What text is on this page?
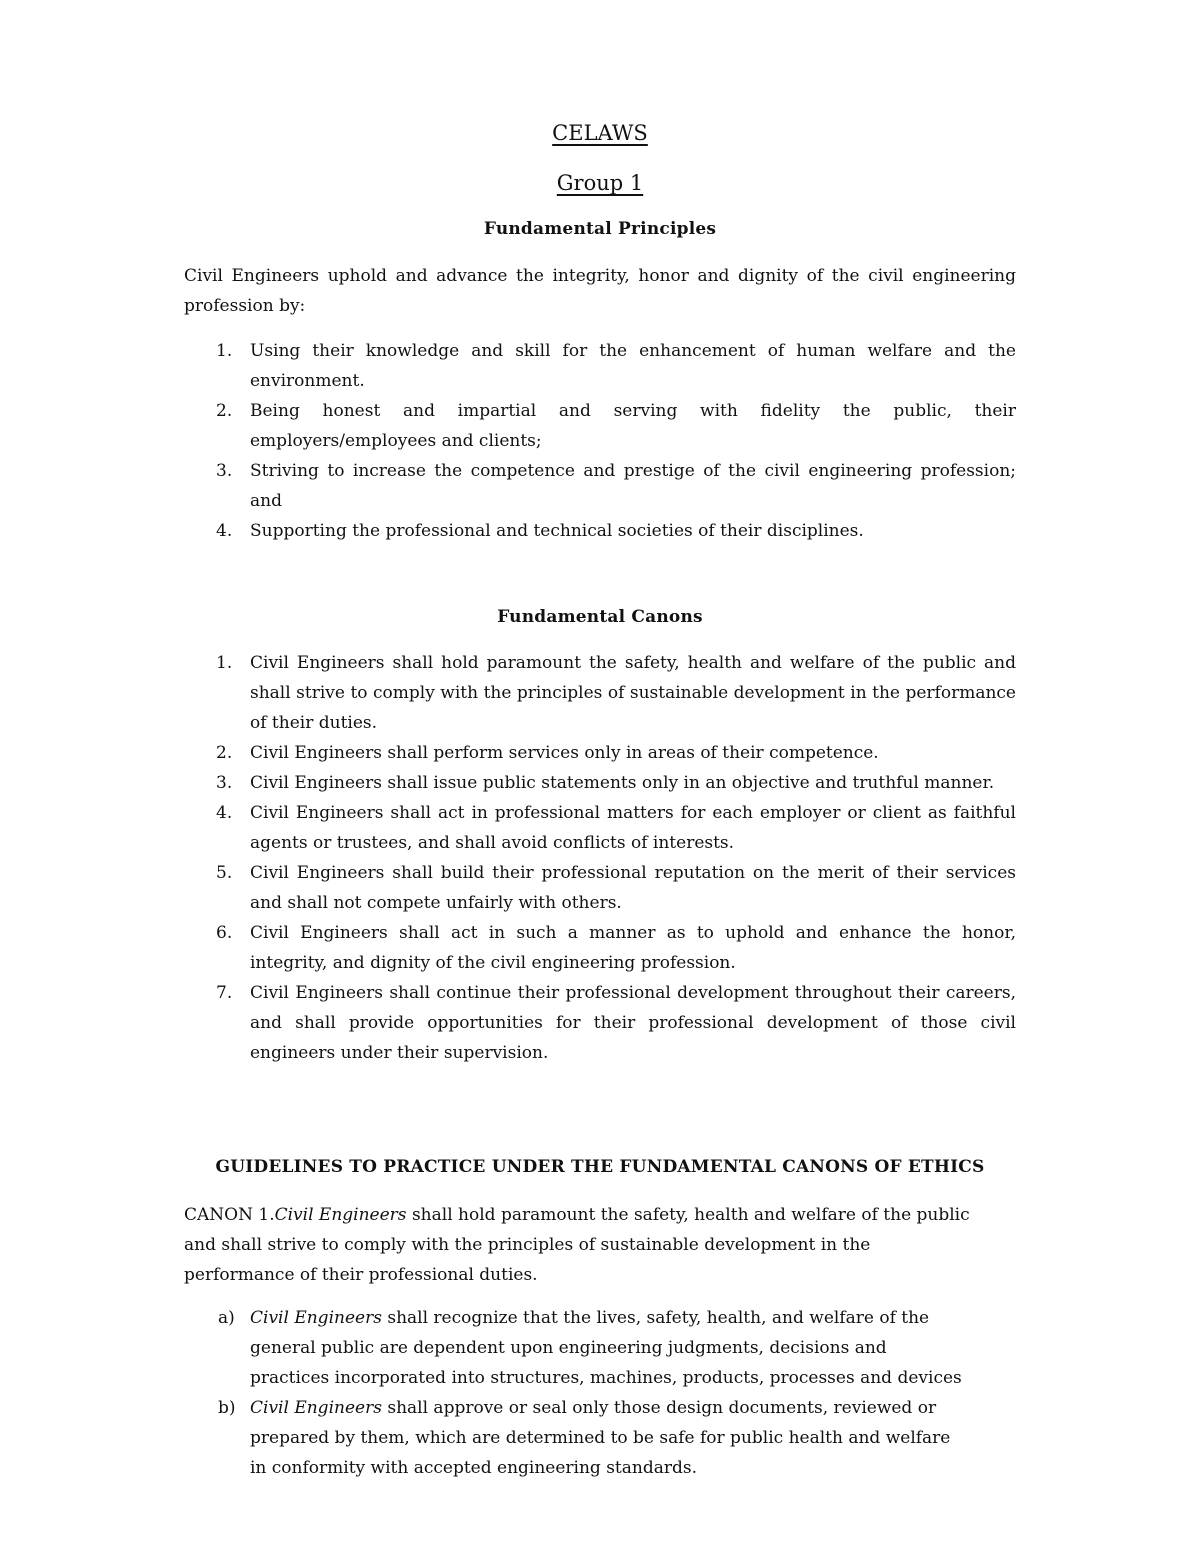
CELAWS
Group 1
Fundamental Principles

Civil Engineers uphold and advance the integrity, honor and dignity of the civil engineering profession by:

1. Using their knowledge and skill for the enhancement of human welfare and the environment.
2. Being honest and impartial and serving with fidelity the public, their employers/employees and clients;
3. Striving to increase the competence and prestige of the civil engineering profession; and
4. Supporting the professional and technical societies of their disciplines.
Fundamental Canons
1. Civil Engineers shall hold paramount the safety, health and welfare of the public and shall strive to comply with the principles of sustainable development in the performance of their duties.
2. Civil Engineers shall perform services only in areas of their competence.
3. Civil Engineers shall issue public statements only in an objective and truthful manner.
4. Civil Engineers shall act in professional matters for each employer or client as faithful agents or trustees, and shall avoid conflicts of interests.
5. Civil Engineers shall build their professional reputation on the merit of their services and shall not compete unfairly with others.
6. Civil Engineers shall act in such a manner as to uphold and enhance the honor, integrity, and dignity of the civil engineering profession.
7. Civil Engineers shall continue their professional development throughout their careers, and shall provide opportunities for their professional development of those civil engineers under their supervision.
GUIDELINES TO PRACTICE UNDER THE FUNDAMENTAL CANONS OF ETHICS

CANON 1.Civil Engineers shall hold paramount the safety, health and welfare of the public and shall strive to comply with the principles of sustainable development in the performance of their professional duties.

a) Civil Engineers shall recognize that the lives, safety, health, and welfare of the general public are dependent upon engineering judgments, decisions and practices incorporated into structures, machines, products, processes and devices
b) Civil Engineers shall approve or seal only those design documents, reviewed or prepared by them, which are determined to be safe for public health and welfare in conformity with accepted engineering standards.
